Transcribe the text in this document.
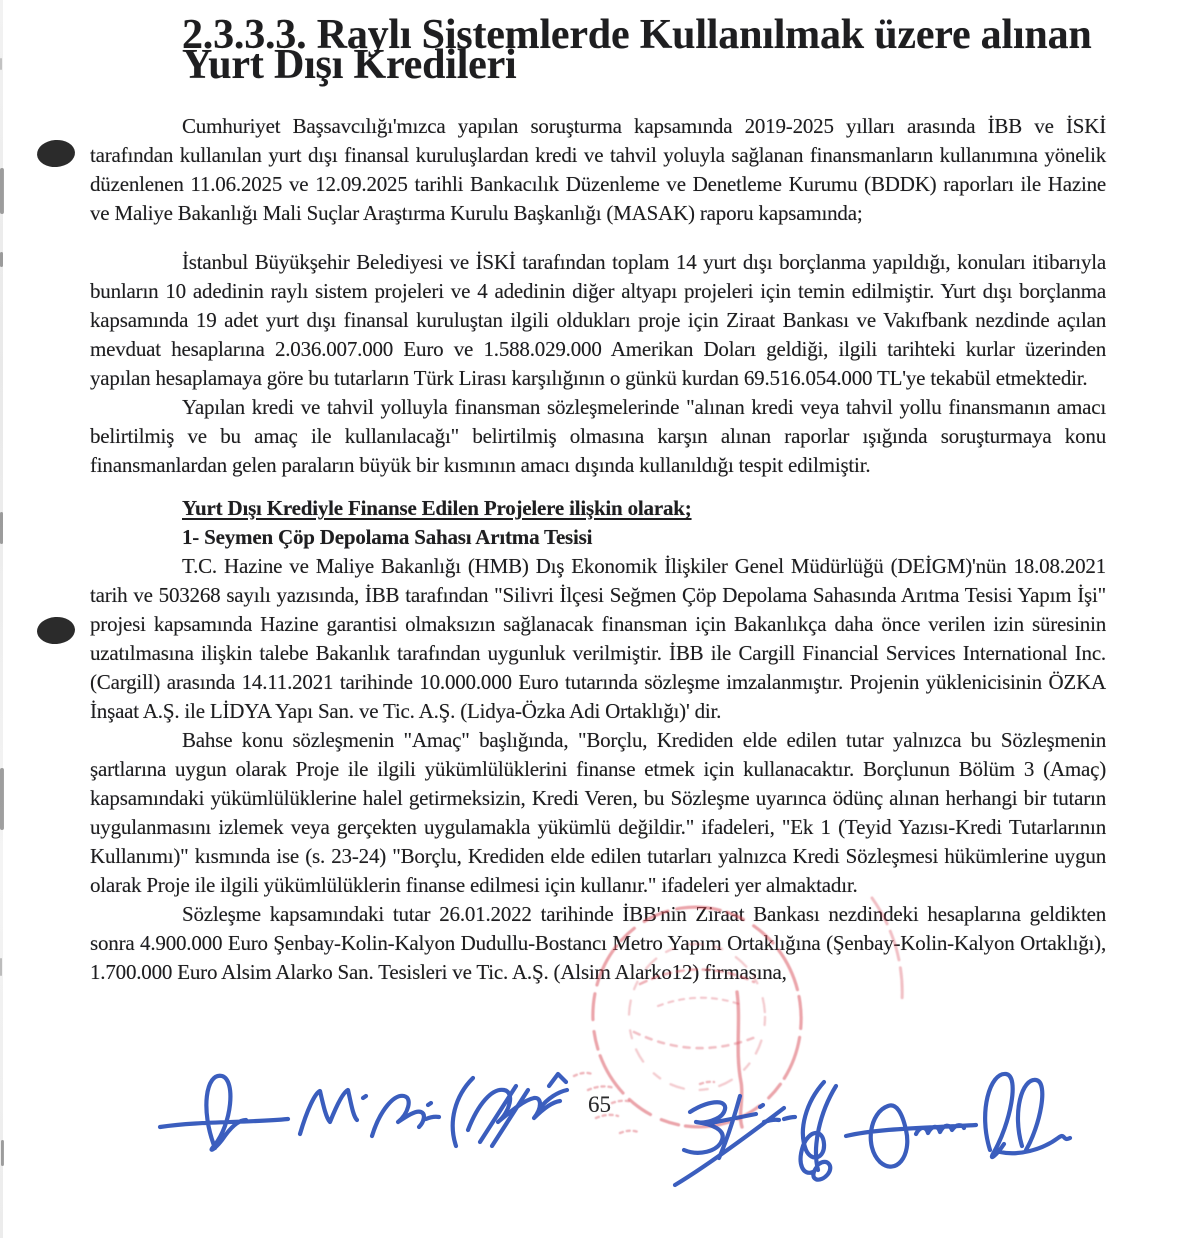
2.3.3.3. Raylı Sistemlerde Kullanılmak üzere alınan Yurt Dışı Kredileri

Cumhuriyet Başsavcılığı'mızca yapılan soruşturma kapsamında 2019-2025 yılları arasında İBB ve İSKİ tarafından kullanılan yurt dışı finansal kuruluşlardan kredi ve tahvil yoluyla sağlanan finansmanların kullanımına yönelik düzenlenen 11.06.2025 ve 12.09.2025 tarihli Bankacılık Düzenleme ve Denetleme Kurumu (BDDK) raporları ile Hazine ve Maliye Bakanlığı Mali Suçlar Araştırma Kurulu Başkanlığı (MASAK) raporu kapsamında;

İstanbul Büyükşehir Belediyesi ve İSKİ tarafından toplam 14 yurt dışı borçlanma yapıldığı, konuları itibarıyla bunların 10 adedinin raylı sistem projeleri ve 4 adedinin diğer altyapı projeleri için temin edilmiştir. Yurt dışı borçlanma kapsamında 19 adet yurt dışı finansal kuruluştan ilgili oldukları proje için Ziraat Bankası ve Vakıfbank nezdinde açılan mevduat hesaplarına 2.036.007.000 Euro ve 1.588.029.000 Amerikan Doları geldiği, ilgili tarihteki kurlar üzerinden yapılan hesaplamaya göre bu tutarların Türk Lirası karşılığının o günkü kurdan 69.516.054.000 TL'ye tekabül etmektedir.

Yapılan kredi ve tahvil yolluyla finansman sözleşmelerinde "alınan kredi veya tahvil yollu finansmanın amacı belirtilmiş ve bu amaç ile kullanılacağı" belirtilmiş olmasına karşın alınan raporlar ışığında soruşturmaya konu finansmanlardan gelen paraların büyük bir kısmının amacı dışında kullanıldığı tespit edilmiştir.

Yurt Dışı Krediyle Finanse Edilen Projelere ilişkin olarak;
1- Seymen Çöp Depolama Sahası Arıtma Tesisi

T.C. Hazine ve Maliye Bakanlığı (HMB) Dış Ekonomik İlişkiler Genel Müdürlüğü (DEİGM)'nün 18.08.2021 tarih ve 503268 sayılı yazısında, İBB tarafından "Silivri İlçesi Seğmen Çöp Depolama Sahasında Arıtma Tesisi Yapım İşi" projesi kapsamında Hazine garantisi olmaksızın sağlanacak finansman için Bakanlıkça daha önce verilen izin süresinin uzatılmasına ilişkin talebe Bakanlık tarafından uygunluk verilmiştir. İBB ile Cargill Financial Services International Inc. (Cargill) arasında 14.11.2021 tarihinde 10.000.000 Euro tutarında sözleşme imzalanmıştır. Projenin yüklenicisinin ÖZKA İnşaat A.Ş. ile LİDYA Yapı San. ve Tic. A.Ş. (Lidya-Özka Adi Ortaklığı)' dir.

Bahse konu sözleşmenin "Amaç" başlığında, "Borçlu, Krediden elde edilen tutar yalnızca bu Sözleşmenin şartlarına uygun olarak Proje ile ilgili yükümlülüklerini finanse etmek için kullanacaktır. Borçlunun Bölüm 3 (Amaç) kapsamındaki yükümlülüklerine halel getirmeksizin, Kredi Veren, bu Sözleşme uyarınca ödünç alınan herhangi bir tutarın uygulanmasını izlemek veya gerçekten uygulamakla yükümlü değildir." ifadeleri, "Ek 1 (Teyid Yazısı-Kredi Tutarlarının Kullanımı)" kısmında ise (s. 23-24) "Borçlu, Krediden elde edilen tutarları yalnızca Kredi Sözleşmesi hükümlerine uygun olarak Proje ile ilgili yükümlülüklerin finanse edilmesi için kullanır." ifadeleri yer almaktadır.

Sözleşme kapsamındaki tutar 26.01.2022 tarihinde İBB'nin Ziraat Bankası nezdindeki hesaplarına geldikten sonra 4.900.000 Euro Şenbay-Kolin-Kalyon Dudullu-Bostancı Metro Yapım Ortaklığına (Şenbay-Kolin-Kalyon Ortaklığı), 1.700.000 Euro Alsim Alarko San. Tesisleri ve Tic. A.Ş. (Alsim Alarko12) firmasına,

65
